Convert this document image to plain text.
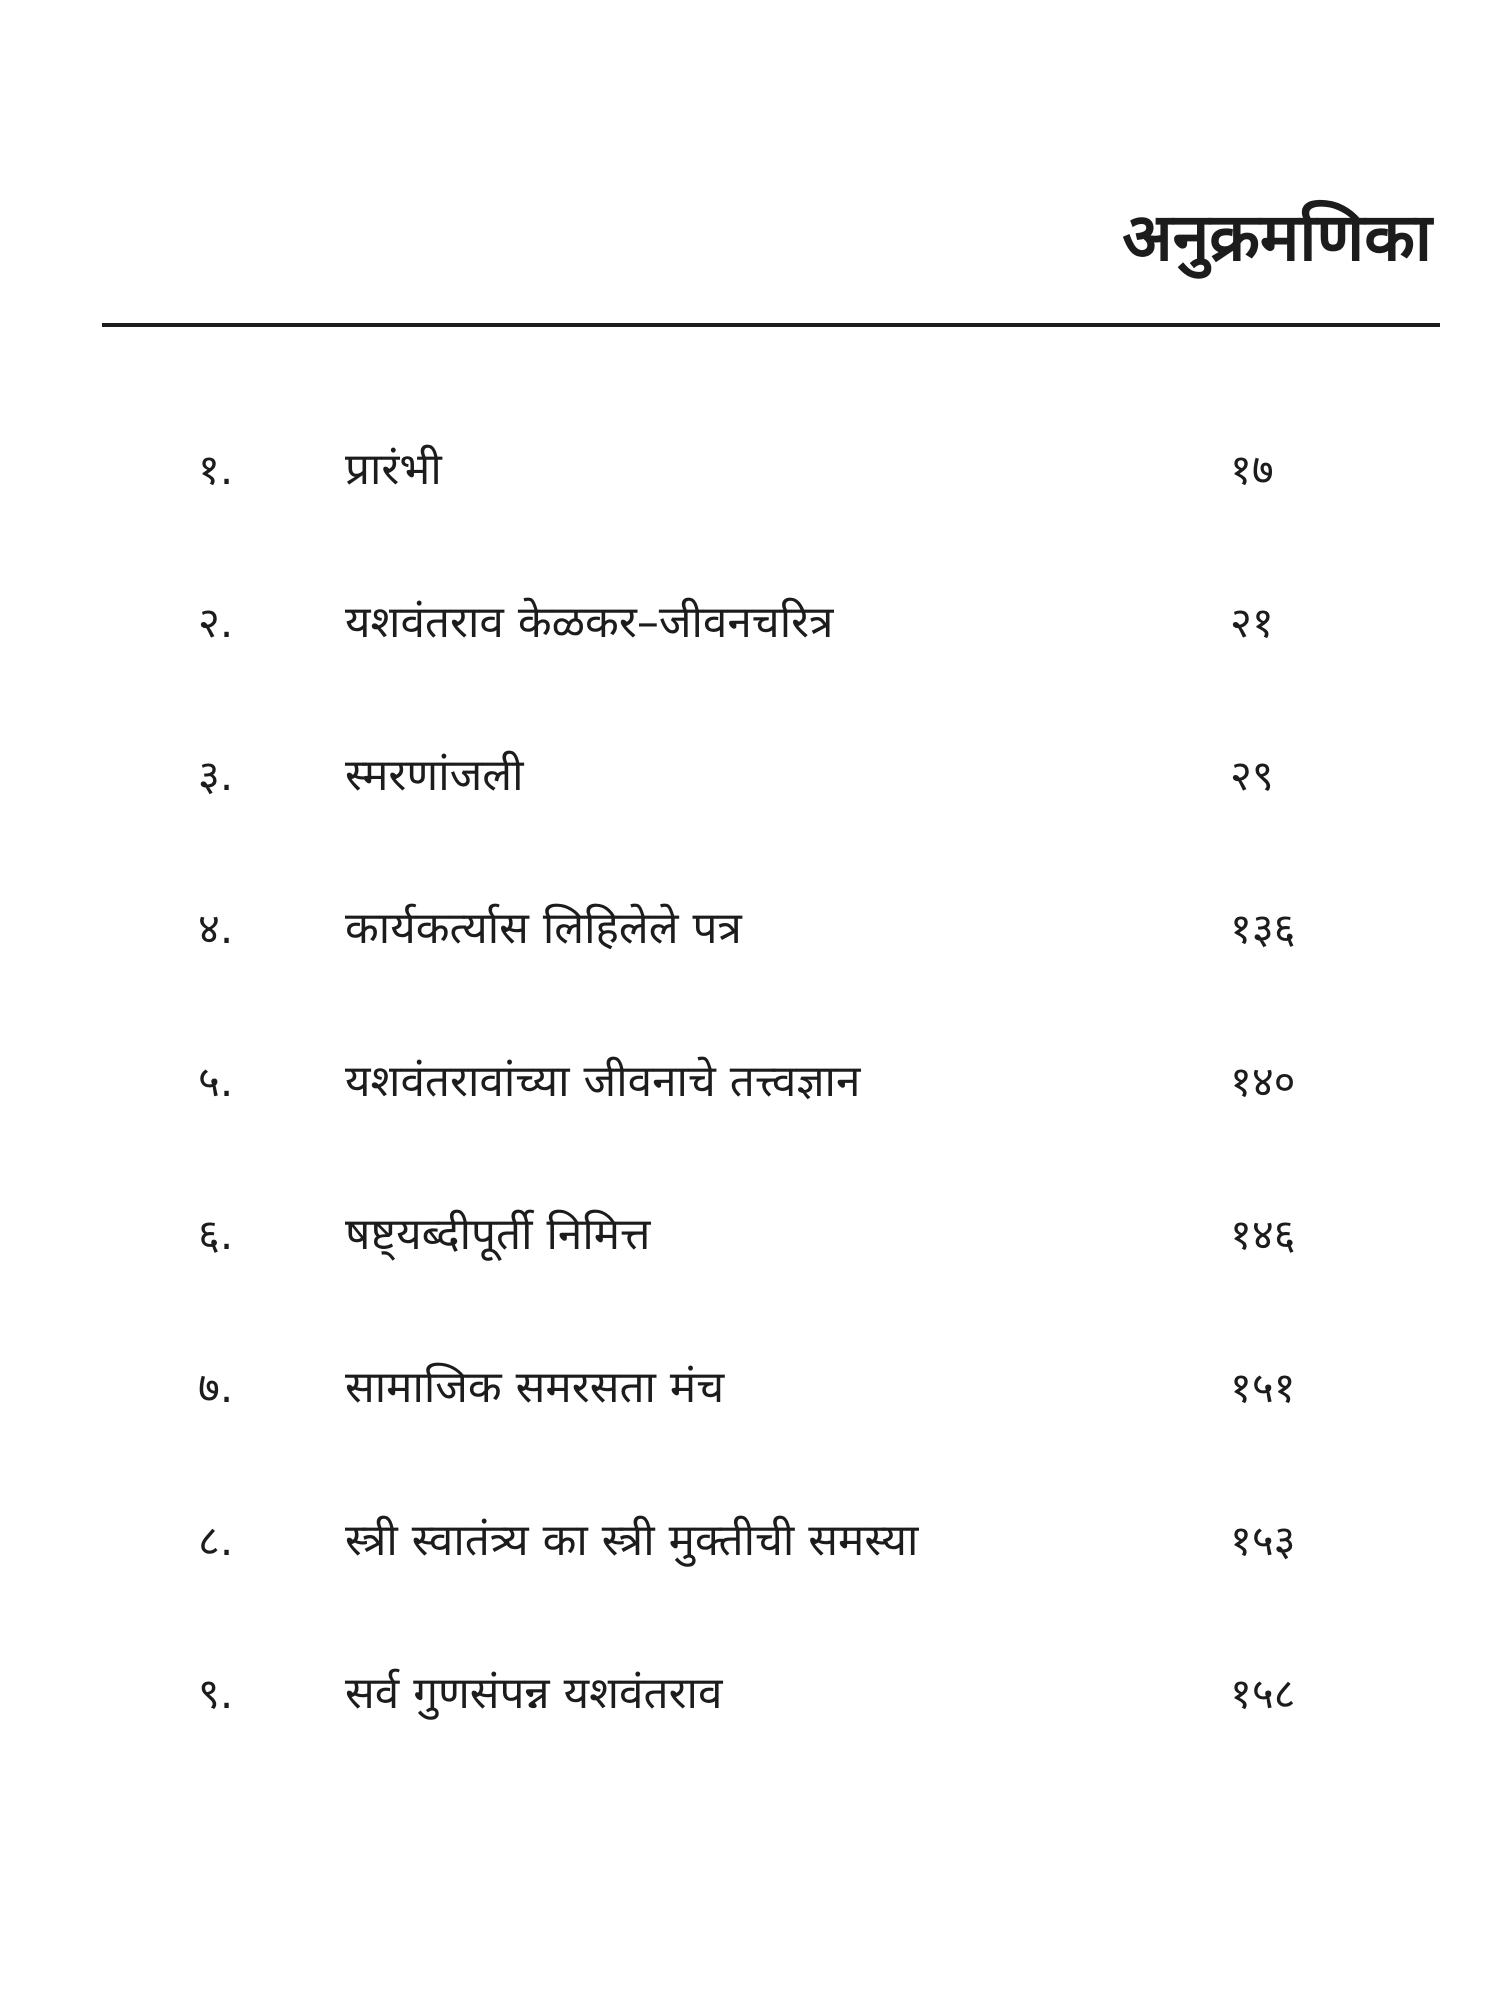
अनुक्रमणिका
१.	प्रारंभी	१७
२.	यशवंतराव केळकर–जीवनचरित्र	२१
३.	स्मरणांजली	२९
४.	कार्यकर्त्यास लिहिलेले पत्र	१३६
५.	यशवंतरावांच्या जीवनाचे तत्त्वज्ञान	१४०
६.	षष्ट्यब्दीपूर्ती निमित्त	१४६
७.	सामाजिक समरसता मंच	१५१
८.	स्त्री स्वातंत्र्य का स्त्री मुक्तीची समस्या	१५३
९.	सर्व गुणसंपन्न यशवंतराव	१५८
